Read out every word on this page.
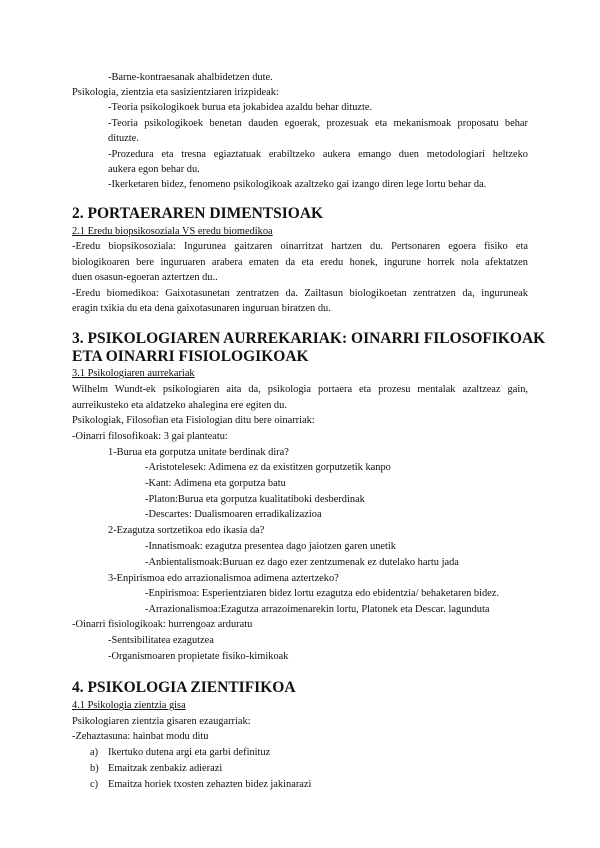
-Barne-kontraesanak ahalbidetzen dute.
Psikologia, zientzia eta sasizientziaren irizpideak:
-Teoria psikologikoek burua eta jokabidea azaldu behar dituzte.
-Teoria psikologikoek benetan dauden egoerak, prozesuak eta mekanismoak proposatu behar
dituzte.
-Prozedura eta tresna egiaztatuak erabiltzeko aukera emango duen metodologiari heltzeko
aukera egon behar du.
-Ikerketaren bidez, fenomeno psikologikoak azaltzeko gai izango diren lege lortu behar da.
2. PORTAERAREN DIMENTSIOAK
2.1 Eredu biopsikosoziala VS eredu biomedikoa
-Eredu biopsikosoziala: Ingurunea gaitzaren oinarritzat hartzen du. Pertsonaren egoera fisiko eta
biologikoaren bere inguruaren arabera ematen da eta eredu honek, ingurune horrek nola afektatzen
duen osasun-egoeran aztertzen du..
-Eredu biomedikoa: Gaixotasunetan zentratzen da. Zailtasun biologikoetan zentratzen da, inguruneak
eragin txikia du eta dena gaixotasunaren inguruan biratzen du.
3. PSIKOLOGIAREN AURREKARIAK: OINARRI FILOSOFIKOAK
ETA OINARRI FISIOLOGIKOAK
3.1 Psikologiaren aurrekariak
Wilhelm Wundt-ek psikologiaren aita da, psikologia portaera eta prozesu mentalak azaltzeaz gain,
aurreikusteko eta aldatzeko ahalegina ere egiten du.
Psikologiak, Filosofian eta Fisiologian ditu bere oinarriak:
-Oinarri filosofikoak: 3 gai planteatu:
1-Burua eta gorputza unitate berdinak dira?
-Aristotelesek: Adimena ez da existitzen gorputzetik kanpo
-Kant: Adimena eta gorputza batu
-Platon:Burua eta gorputza kualitatiboki desberdinak
-Descartes: Dualismoaren erradikalizazioa
2-Ezagutza sortzetikoa edo ikasia da?
-Innatismoak: ezagutza presentea dago jaiotzen garen unetik
-Anbientalismoak:Buruan ez dago ezer zentzumenak ez dutelako hartu jada
3-Enpirismoa edo arrazionalismoa adimena aztertzeko?
-Enpirismoa: Esperientziaren bidez lortu ezagutza edo ebidentzia/ behaketaren bidez.
-Arrazionalismoa:Ezagutza arrazoimenarekin lortu, Platonek eta Descar. lagunduta
-Oinarri fisiologikoak: hurrengoaz arduratu
-Sentsibilitatea ezagutzea
-Organismoaren propietate fisiko-kimikoak
4. PSIKOLOGIA ZIENTIFIKOA
4.1 Psikologia zientzia gisa
Psikologiaren zientzia gisaren ezaugarriak:
-Zehaztasuna: hainbat modu ditu
a) Ikertuko dutena argi eta garbi definituz
b) Emaitzak zenbakiz adierazi
c) Emaitza horiek txosten zehazten bidez jakinarazi
